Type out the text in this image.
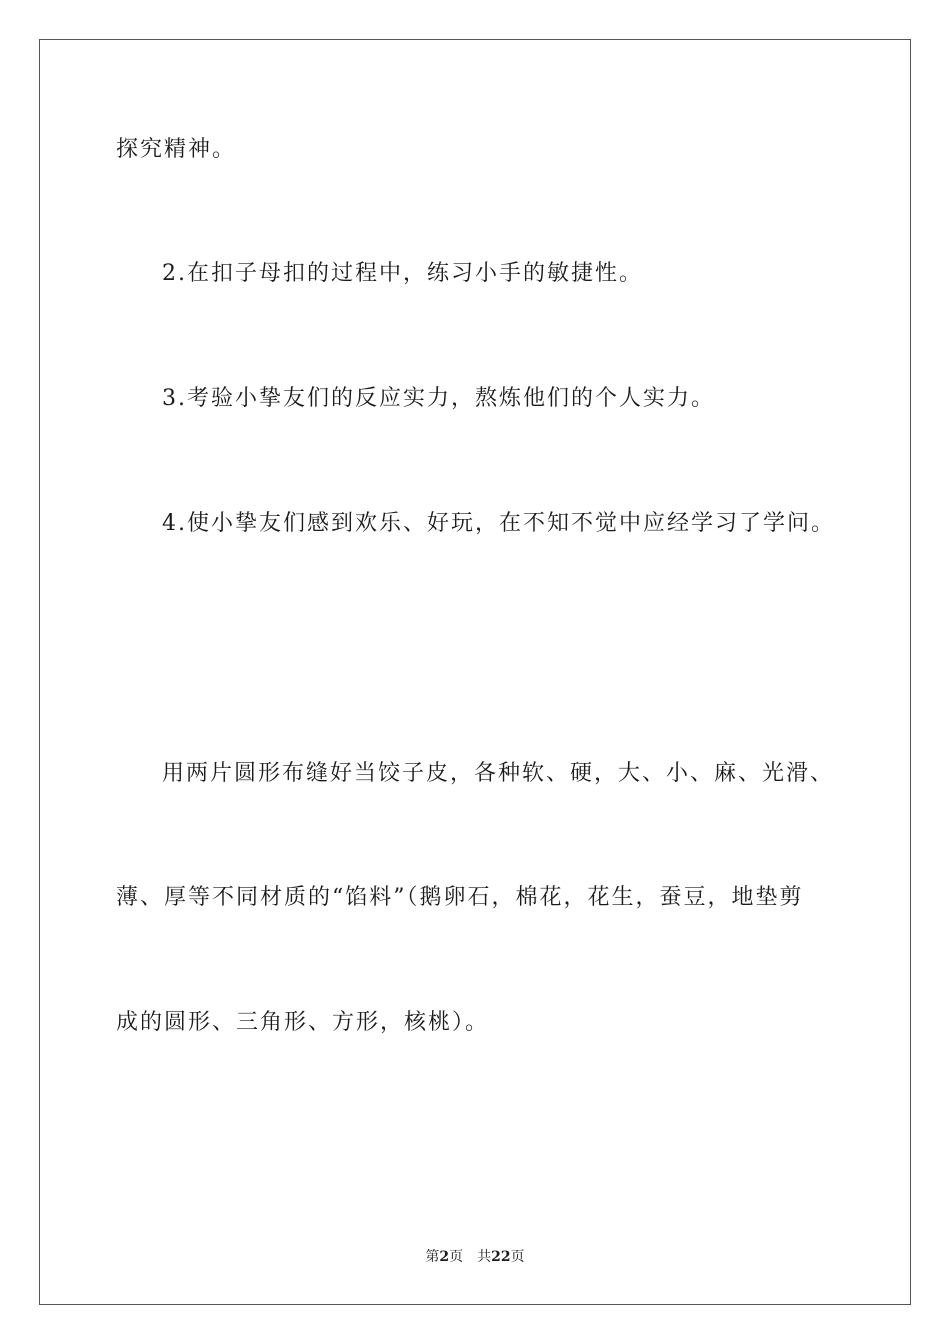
探究精神。

2.在扣子母扣的过程中，练习小手的敏捷性。

3.考验小挚友们的反应实力，熬炼他们的个人实力。

4.使小挚友们感到欢乐、好玩，在不知不觉中应经学习了学问。

用两片圆形布缝好当饺子皮，各种软、硬，大、小、麻、光滑、

薄、厚等不同材质的“馅料”（鹅卵石，棉花，花生，蚕豆，地垫剪

成的圆形、三角形、方形，核桃）。

第2页 共22页
